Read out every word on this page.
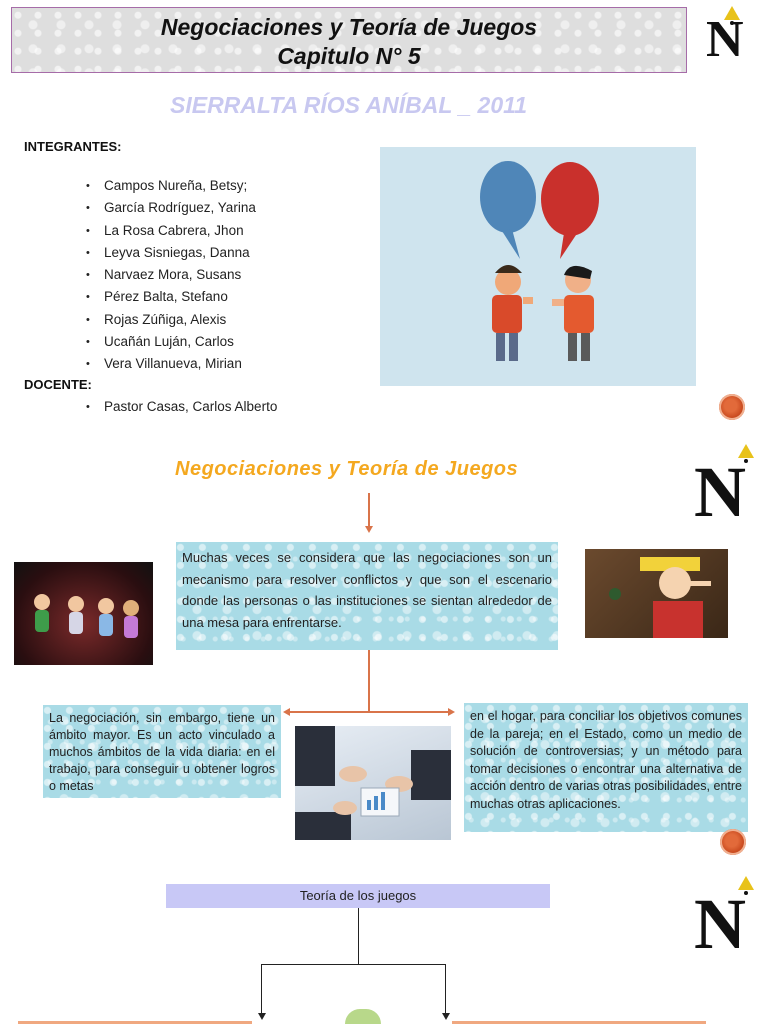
Negociaciones y Teoría de Juegos
Capitulo N° 5	N
SIERRALTA RÍOS ANÍBAL _ 2011
INTEGRANTES:
• Campos Nureña, Betsy;
• García Rodríguez, Yarina
• La Rosa Cabrera, Jhon
• Leyva Sisniegas, Danna
• Narvaez Mora, Susans
• Pérez Balta, Stefano
• Rojas Zúñiga, Alexis
• Ucañán Luján, Carlos
• Vera Villanueva, Mirian
DOCENTE:
• Pastor Casas, Carlos Alberto
Negociaciones y Teoría de Juegos N
Muchas veces se considera que las negociaciones son un mecanismo para resolver conflictos y que son el escenario donde las personas o las instituciones se sientan alrededor de una mesa para enfrentarse.
La negociación, sin embargo, tiene un ámbito mayor. Es un acto vinculado a muchos ámbitos de la vida diaria: en el trabajo, para conseguir u obtener logros o metas
en el hogar, para conciliar los objetivos comunes de la pareja; en el Estado, como un medio de solución de controversias; y un método para tomar decisiones o encontrar una alternativa de acción dentro de varias otras posibilidades, entre muchas otras aplicaciones.
Teoría de los juegos	N
